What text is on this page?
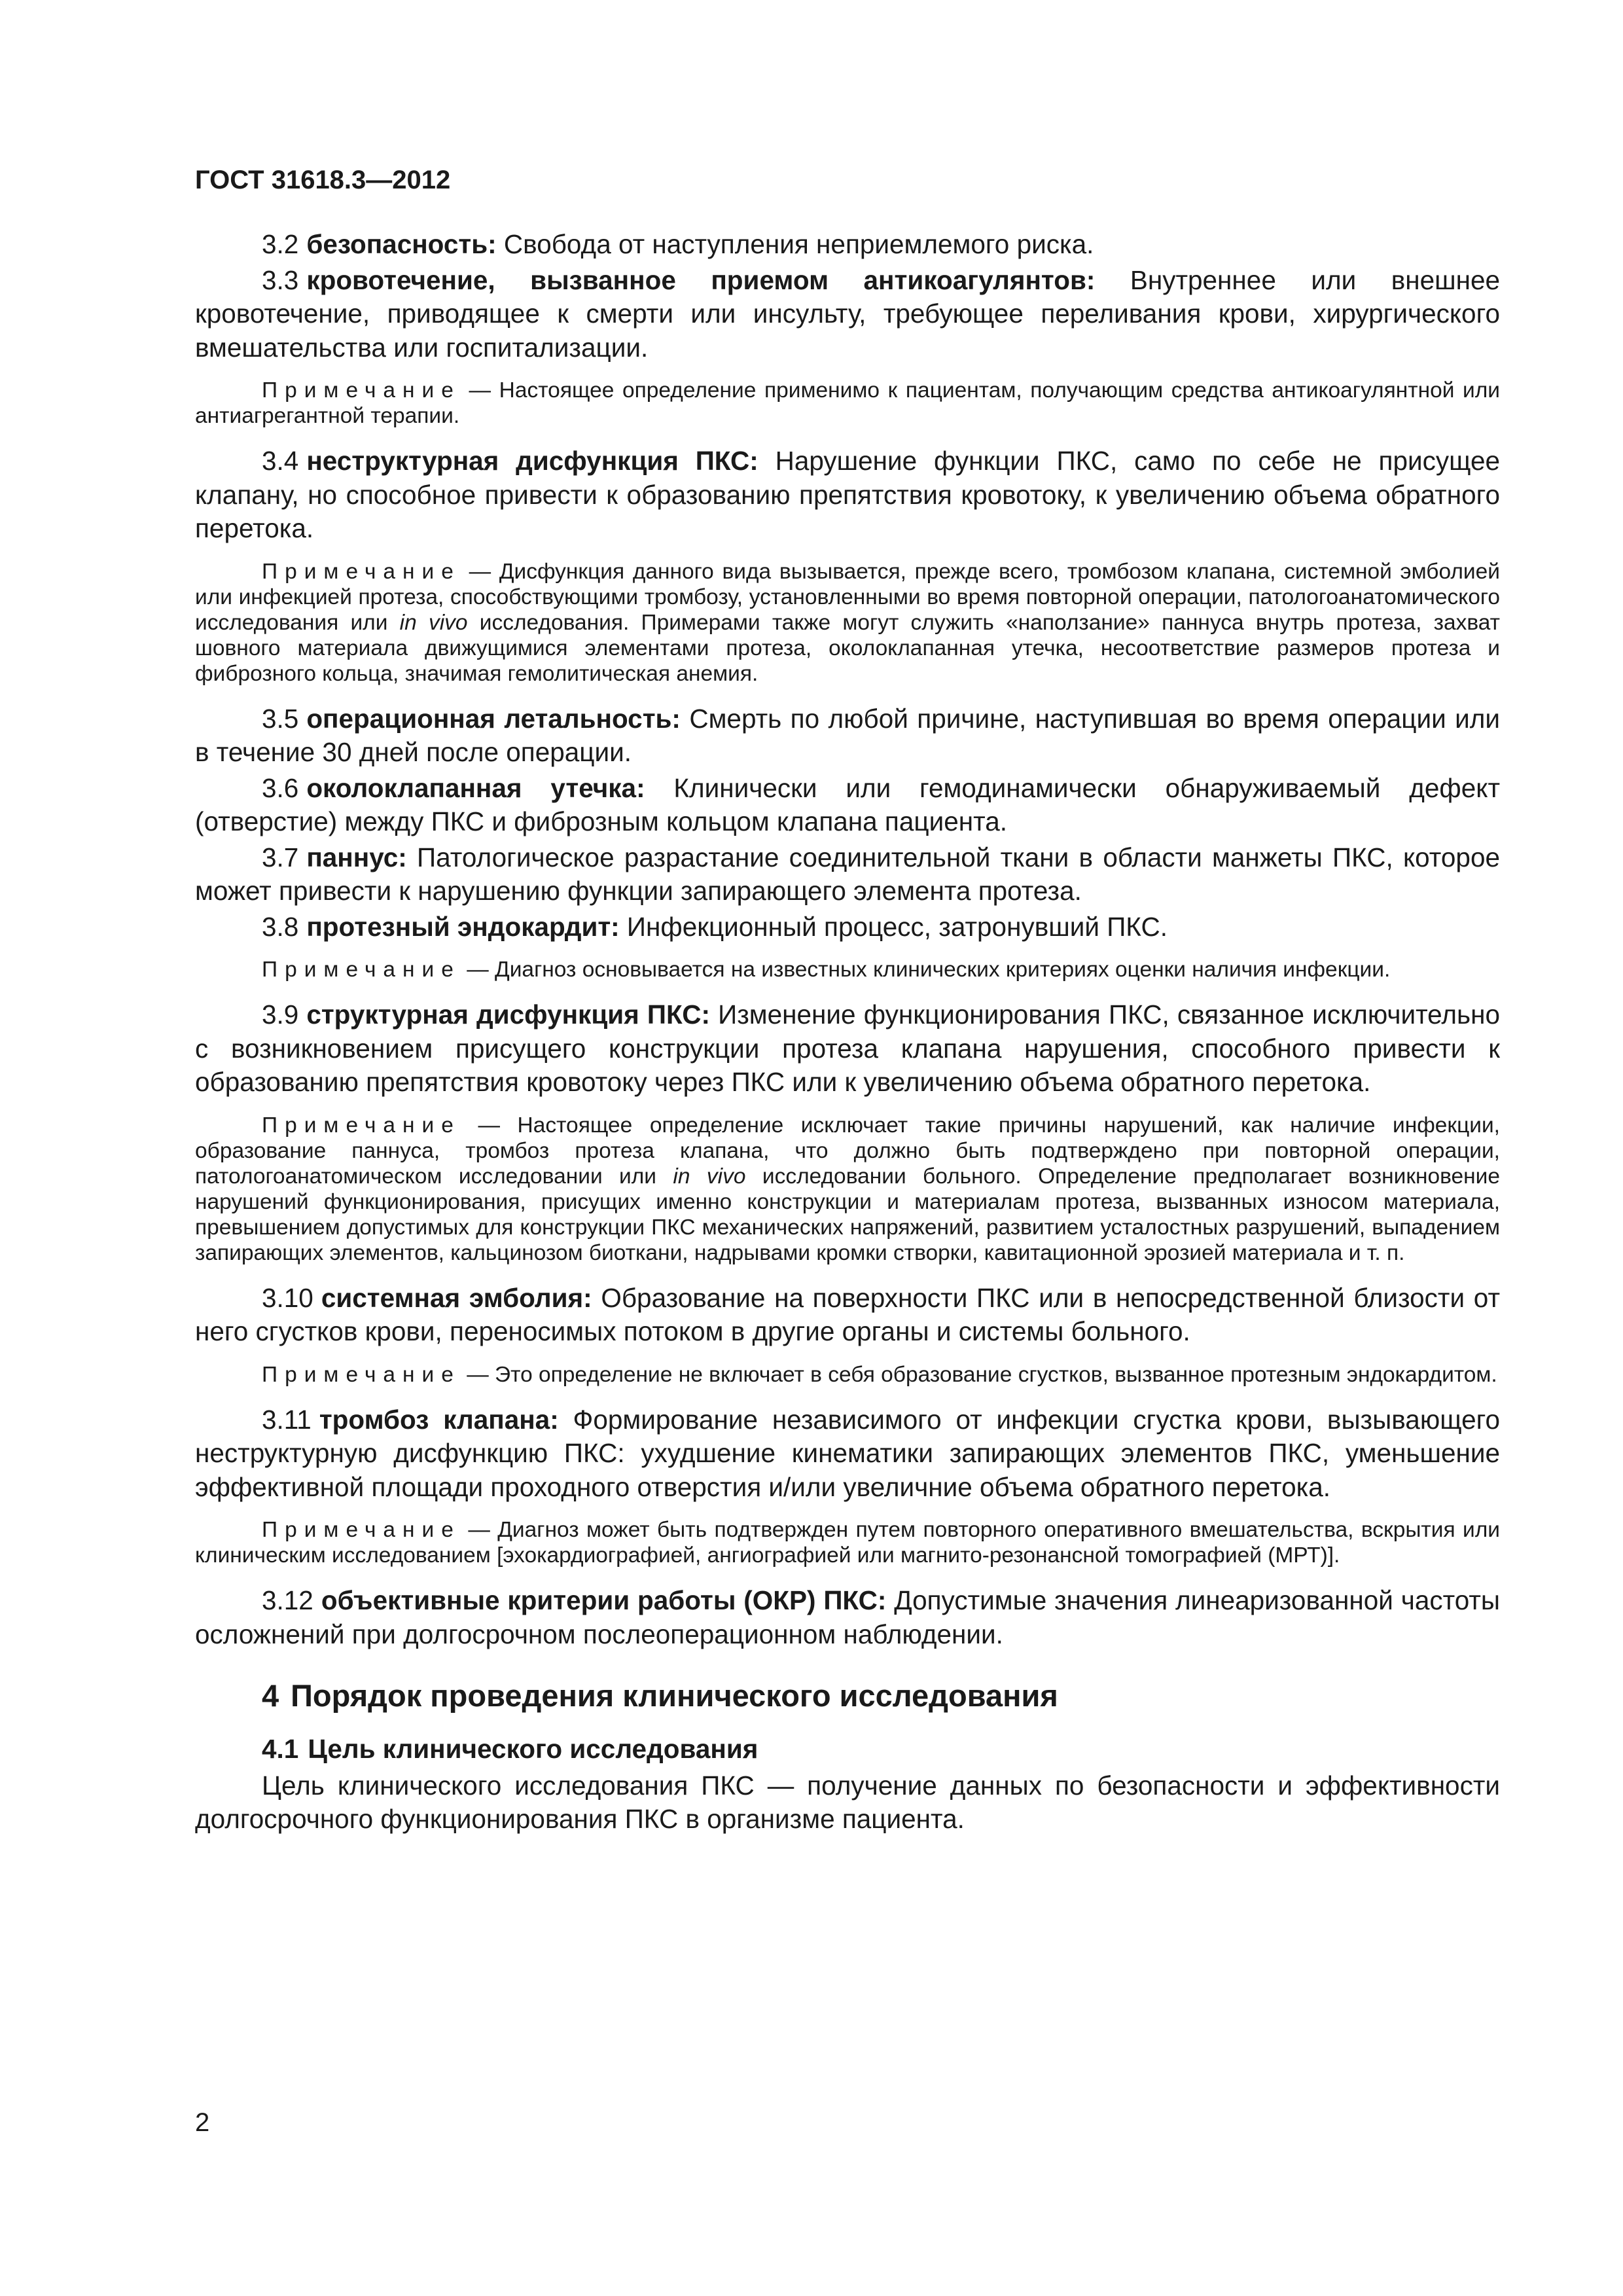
ГОСТ 31618.3—2012

3.2 безопасность: Свобода от наступления неприемлемого риска.

3.3 кровотечение, вызванное приемом антикоагулянтов: Внутреннее или внешнее кровотечение, приводящее к смерти или инсульту, требующее переливания крови, хирургического вмешательства или госпитализации.

Примечание — Настоящее определение применимо к пациентам, получающим средства антикоагулянтной или антиагрегантной терапии.

3.4 неструктурная дисфункция ПКС: Нарушение функции ПКС, само по себе не присущее клапану, но способное привести к образованию препятствия кровотоку, к увеличению объема обратного перетока.

Примечание — Дисфункция данного вида вызывается, прежде всего, тромбозом клапана, системной эмболией или инфекцией протеза, способствующими тромбозу, установленными во время повторной операции, патологоанатомического исследования или in vivo исследования. Примерами также могут служить «наползание» паннуса внутрь протеза, захват шовного материала движущимися элементами протеза, околоклапанная утечка, несоответствие размеров протеза и фиброзного кольца, значимая гемолитическая анемия.

3.5 операционная летальность: Смерть по любой причине, наступившая во время операции или в течение 30 дней после операции.

3.6 околоклапанная утечка: Клинически или гемодинамически обнаруживаемый дефект (отверстие) между ПКС и фиброзным кольцом клапана пациента.

3.7 паннус: Патологическое разрастание соединительной ткани в области манжеты ПКС, которое может привести к нарушению функции запирающего элемента протеза.

3.8 протезный эндокардит: Инфекционный процесс, затронувший ПКС.

Примечание — Диагноз основывается на известных клинических критериях оценки наличия инфекции.

3.9 структурная дисфункция ПКС: Изменение функционирования ПКС, связанное исключительно с возникновением присущего конструкции протеза клапана нарушения, способного привести к образованию препятствия кровотоку через ПКС или к увеличению объема обратного перетока.

Примечание — Настоящее определение исключает такие причины нарушений, как наличие инфекции, образование паннуса, тромбоз протеза клапана, что должно быть подтверждено при повторной операции, патологоанатомическом исследовании или in vivo исследовании больного. Определение предполагает возникновение нарушений функционирования, присущих именно конструкции и материалам протеза, вызванных износом материала, превышением допустимых для конструкции ПКС механических напряжений, развитием усталостных разрушений, выпадением запирающих элементов, кальцинозом биоткани, надрывами кромки створки, кавитационной эрозией материала и т. п.

3.10 системная эмболия: Образование на поверхности ПКС или в непосредственной близости от него сгустков крови, переносимых потоком в другие органы и системы больного.

Примечание — Это определение не включает в себя образование сгустков, вызванное протезным эндокардитом.

3.11 тромбоз клапана: Формирование независимого от инфекции сгустка крови, вызывающего неструктурную дисфункцию ПКС: ухудшение кинематики запирающих элементов ПКС, уменьшение эффективной площади проходного отверстия и/или увеличние объема обратного перетока.

Примечание — Диагноз может быть подтвержден путем повторного оперативного вмешательства, вскрытия или клиническим исследованием [эхокардиографией, ангиографией или магнито-резонансной томографией (МРТ)].

3.12 объективные критерии работы (ОКР) ПКС: Допустимые значения линеаризованной частоты осложнений при долгосрочном послеоперационном наблюдении.

4 Порядок проведения клинического исследования
4.1 Цель клинического исследования

Цель клинического исследования ПКС — получение данных по безопасности и эффективности долгосрочного функционирования ПКС в организме пациента.

2
